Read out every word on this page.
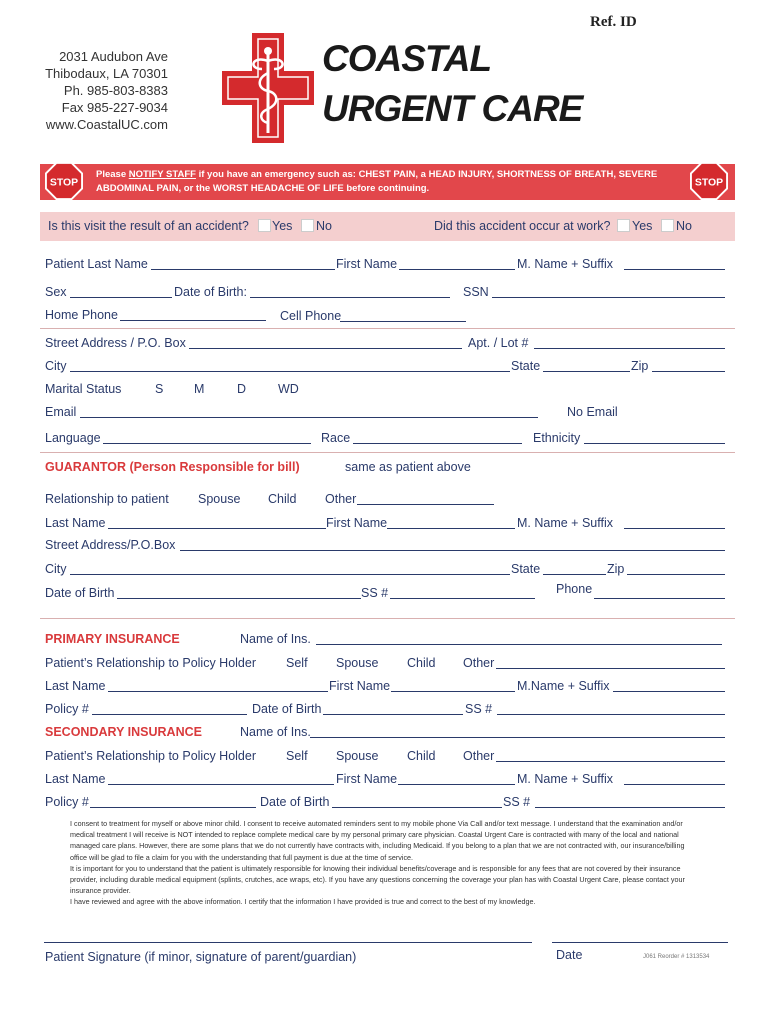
Ref. ID
2031 Audubon Ave
Thibodaux, LA 70301
Ph. 985-803-8383
Fax 985-227-9034
www.CoastalUC.com
COASTAL
URGENT CARE
STOP	STOP
Please NOTIFY STAFF if you have an emergency such as: CHEST PAIN, a HEAD INJURY, SHORTNESS OF BREATH, SEVERE ABDOMINAL PAIN, or the WORST HEADACHE OF LIFE before continuing.
Is this visit the result of an accident? Yes No	Did this accident occur at work? Yes No
Patient Last Name	First Name	M. Name + Suffix
Sex	Date of Birth:	SSN
Home Phone	Cell Phone
Street Address / P.O. Box	Apt. / Lot #
City	State	Zip
Marital Status	S M	D	WD
Email	No Email
Language	Race	Ethnicity
GUARANTOR (Person Responsible for bill)	same as patient above
Relationship to patient Spouse Child Other
Last Name	First Name	M. Name + Suffix
Street Address/P.O.Box
City	State	Zip
Date of Birth	SS #	Phone
PRIMARY INSURANCE	Name of Ins.
Patient’s Relationship to Policy Holder Self Spouse Child Other
Last Name	First Name	M.Name + Suffix
Policy #	Date of Birth	SS #
SECONDARY INSURANCE	Name of Ins.
Patient’s Relationship to Policy Holder Self Spouse Child Other
Last Name	First Name	M. Name + Suffix
Policy #	Date of Birth	SS #
I consent to treatment for myself or above minor child. I consent to receive automated reminders sent to my mobile phone Via Call and/or text message. I understand that the examination and/or medical treatment I will receive is NOT intended to replace complete medical care by my personal primary care physician. Coastal Urgent Care is contracted with many of the local and national managed care plans. However, there are some plans that we do not currently have contracts with, including Medicaid. If you belong to a plan that we are not contracted with, our insurance/billing office will be glad to file a claim for you with the understanding that full payment is due at the time of service.
It is important for you to understand that the patient is ultimately responsible for knowing their individual benefits/coverage and is responsible for any fees that are not covered by their insurance provider, including durable medical equipment (splints, crutches, ace wraps, etc). If you have any questions concerning the coverage your plan has with Coastal Urgent Care, please contact your insurance provider.
I have reviewed and agree with the above information. I certify that the information I have provided is true and correct to the best of my knowledge.
Patient Signature (if minor, signature of parent/guardian)	Date	J061 Reorder # 1313534
